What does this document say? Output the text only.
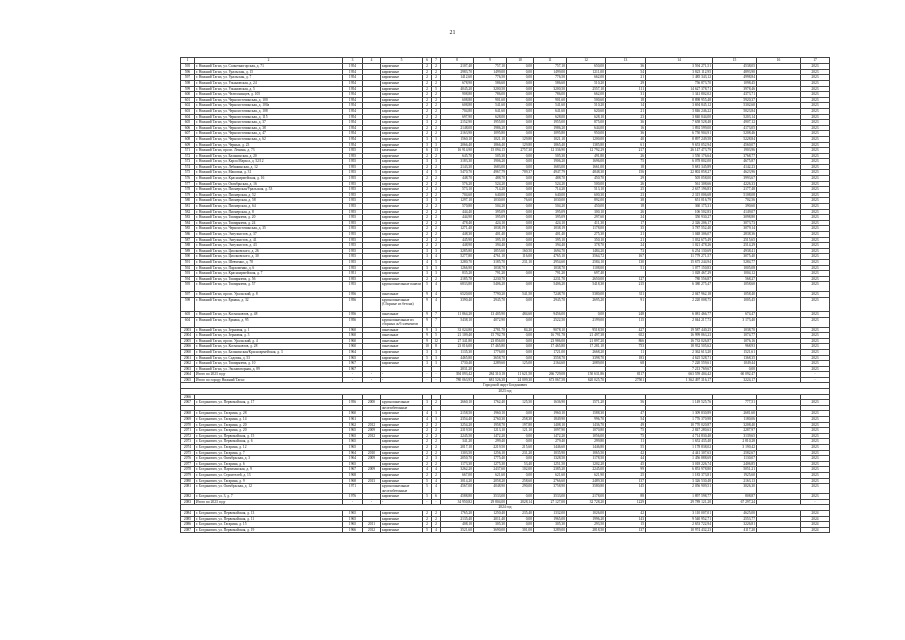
21
1	2	3	4	5	6	7	8	9	10	11	12	13	14	15	16	17
595	г. Нижний Тагил, ул. Солнечногорская, д. 71	1954		кирпичные	2	2	2107,40	757,10	0,00	757,10	650,00	36	3 594 271,51	4538,05		2023
596	г. Нижний Тагил, ул. Уральская, д. 15	1954		кирпичные	2	2	2983,70	1499,00	0,00	1499,00	1211,00	54	3 823 112,95	4893,90		2023
597	г. Нижний Тагил, ул. Уральская, д. 7	1954		кирпичные	2	2	1412,60	776,50	0,00	776,50	662,00	21	1 485 343,12	4998,84		2023
598	г. Нижний Тагил, ул. Ульяновская, д. 24	1954		кирпичные	2	2	678,90	586,60	0,00	586,60	510,20	29	756 873,70	1098,45		2023
599	г. Нижний Тагил, ул. Ульяновская, д. 5	1954		кирпичные	2	5	4045,20	3200,50	0,00	3200,50	2557,10	111	14 627 378,71	3978,46		2023
600	г. Нижний Тагил, ул. Челюскинцев, д. 105	1954		кирпичные	2	2	908,80	786,00	0,00	786,00	662,00	31	1 341 802,02	4373,71		2023
601	г. Нижний Тагил, ул. Черноисточинская, д. 100	1954		кирпичные	2	2	608,80	901,60	0,00	901,60	500,60	18	8 898 955,48	5920,37		2023
602	г. Нижний Тагил, ул. Черноисточинская, д. 100а	1954		кирпичные	2	2	608,80	541,60	0,00	541,60	510,20	14	3 694 845,12	5302,60		2023
603	г. Нижний Тагил, ул. Черноисточинская, д. 108	1954		кирпичные	2	2	704,80	641,60	0,00	641,60	620,60	21	3 846 246,22	5023,84		2023
604	г. Нижний Тагил, ул. Черноисточинская, д. 115	1954		кирпичные	2	2	697,90	628,00	0,00	628,00	628,10	23	3 840 044,00	5203,14		2023
605	г. Нижний Тагил, ул. Черноисточинская, д. 37	1954		кирпичные	3	2	2152,90	1955,00	0,00	1955,00	875,00	36	7 658 528,48	4907,12		2023
606	г. Нижний Тагил, ул. Черноисточинская, д. 38	1954		кирпичные	2	2	2148,00	1986,20	0,00	1986,20	644,00	16	1 892 599,00	4173,05		2023
607	г. Нижний Тагил, ул. Черноисточинская, д. 47	1954		кирпичные	2	2	2163,90	1095,80	0,00	1095,80	950,00	36	6 750 904,91	5208,46		2023
608	г. Нижний Тагил, ул. Черноисточинская, д. 62	1954		кирпичные	3	3	1560,10	1021,10	129,80	1021,10	1200,00	40	8 897 249,58	5228,84		2023
609	г. Нижний Тагил, ул. Черных, д. 23	1954		кирпичные	3	3	2066,40	1866,40	129,80	1865,40	1385,80	61	9 653 052,94	4560,07		2023
571	г. Нижний Тагил, просп. Ленина, д. 73	1955		каменные	6	13	16 914,90	15 094,15	2757,30	12 336,90	12 792,29	217	26 147 473,79	1903,96		2023
572	г. Нижний Тагил, ул. Балакинская, д. 20	1955		кирпичные	2	2	645,70	505,30	0,00	505,30	491,80	26	1 550 176,64	3768,77		2023
573	г. Нижний Тагил, ул. Карла Маркса, д. 52/12	1955		кирпичные	3	3	3183,30	1906,20	0,00	1906,20	1696,00	75	6 078 802,00	4675,87		2023
574	г. Нижний Тагил, ул. Лебяжинская, д. 12	1955		кирпичные	2	2	2143,30	1683,00	0,00	1683,00	1661,00	18	5 681 345,89	4142,23		2023
575	г. Нижний Тагил, ул. Максима, д. 31	1955		кирпичные	4	5	5470,70	4967,79	709,37	4947,79	4848,30	156	22 802 858,27	4623,96		2023
576	г. Нижний Тагил, ул. Красноармейская, д. 16	1955		кирпичные	2	2	448,70	488,70	0,00	488,70	450,70	29	505 058,00	3993,67		2023
577	г. Нижний Тагил, ул. Октябрьская, д. 16	1955		кирпичные	2	2	576,20	524,20	0,00	524,20	500,00	26	561 308,66	4226,33		2023
578	г. Нижний Тагил, ул. Пионерская/Уральская, д. 53	1955		кирпичные	2	2	573,10	714,20	0,00	714,20	513,10	25	2 637 196,83	2177,48		2023
579	г. Нижний Тагил, ул. Пионерская, д. 52	1955		кирпичные	2	2	704,60	640,00	0,00	640,00	600,30	23	2 315 006,68	5108,08		2023
580	г. Нижний Тагил, ул. Пионерская, д. 58	1955		кирпичные	3	3	1297,10	1030,00	76,60	1030,00	892,00	38	651 016,79	702,56		2023
581	г. Нижний Тагил, ул. Пионерская, д. 64	1955		кирпичные	2	2	570,80	504,20	0,00	504,20	450,00	18	360 175,31	390,60		2023
582	г. Нижний Тагил, ул. Пионерская, д. 8	1955		кирпичные	2	2	444,40	395,09	0,00	395,09	300,10	26	106 502,83	4149,07		2023
583	г. Нижний Тагил, ул. Тимирязева, д. 20	1955		кирпичные	2	2	444,90	395,09	0,00	395,09	297,60	24	350 930,27	3098,80		2023
584	г. Нижний Тагил, ул. Тимирязева, д. 24	1955		кирпичные	2	2	478,40	424,10	0,00	424,10	411,30	17	2 326 206,17	3073,73		2023
585	г. Нижний Тагил, ул. Черноисточинская, д. 35	1955		кирпичные	2	2	1271,40	1038,19	0,00	1038,19	1178,00	35	3 787 552,40	3079,14		2023
586	г. Нижний Тагил, ул. Энтузиастов, д. 37	1955		кирпичные	2	2	448,30	401,40	0,00	401,40	275,30	21	1 048 306,07	2838,36		2023
587	г. Нижний Тагил, ул. Энтузиастов, д. 41	1955		кирпичные	2	2	445,90	395,10	0,00	395,10	350,10	21	1 032 675,49	2515,65		2023
588	г. Нижний Тагил, ул. Энтузиастов, д. 43	1955		кирпичные	2	2	448,90	394,40	0,00	394,40	378,70	24	1 021 478,26	2514,29		2023
589	г. Нижний Тагил, ул. Циолковского, д. 26	1955		кирпичные	3	3	3285,80	1855,60	160,50	1694,70	1484,20	73	6 254 130,69	4938,41		2023
590	г. Нижний Тагил, ул. Циолковского, д. 30	1955		кирпичные	3	4	5277,80	4761,10	116,00	4765,10	3564,72	167	11 779 271,57	3075,40		2023
591	г. Нижний Тагил, ул. Шевченко, д. 78	1955		кирпичные	4	5	3280,70	3185,70	231,10	2954,60	2584,10	130	15 675 244,94	5284,77		2023
592	г. Нижний Тагил, ул. Пархоменко, д. 6	1955		кирпичные	3	3	1266,90	1038,70		1038,70	1108,00	51	1 077 150,83	1005,08		2023
593	г. Нижний Тагил, ул. Красноармейская, д. 7	1951		кирпичные	3	3	835,20	791,20	0,00	791,20	697,40		1 028 467,29	1004,12		2023
594	г. Нижний Тагил, ул. Тимирязева, д. 56	1955		кирпичные	2	2	2185,70	2230,70		2231,70	2650,00	127	780 556,87	568,27		2023
595	г. Нижний Тагил, ул. Тимирязева, д. 57	1955		крупнопанельные панели	5	4	6833,80	5406,20	0,00	5406,20	5418,30	215	6 380 275,47	1058,60		2023
597	г. Нижний Тагил, просп. Уральский, д. 8	1956		панельные	9	4	6520,00	7790,20	541,50	7248,70	5380,00	311	2 047 962,18	1058,40		2023
598	г. Нижний Тагил, ул. Ермака, д. 32	1956		крупнопанельные (Сборные из бетона)	9	4	3390,40	2945,70	0,00	2945,70	2695,20	91	2 220 008,75	1005,45		2023
605	г. Нижний Тагил, ул. Космонавтов, д. 48	1956		панельные	9	7	11 864,20	13 405,90	484,60	9456,00	0,00	248	6 081 466,77	674,47		2023
604	г. Нижний Тагил, ул. Ермака, д. 95	1956		крупнопанельные из сборных ж/б элементов	9	7	5438,10	4072,90	0,00	2522,50	2199,00	115	2 044 217,73	3 173,40		2023
2003	г. Нижний Тагил, ул. Зерновая, д. 1	1960		панельные	9	3	33 024,80	2781,70	84,20	9078,10	9518,50	427	19 587 440,25	1038,70		2023
2004	г. Нижний Тагил, ул. Зерновая, д. 3	1960		панельные	9	5	21 109,40	15 792,78	0,00	16 791,78	21 497,38	652	16 999 863,23	1074,77		2023
2005	г. Нижний Тагил, просп. Уральский, д. 4	1960		панельные	9	12	27 341,80	23 856,00	0,00	23 986,00	21 897,20	866	16 733 026,87	1076,16		2023
2066	г. Нижний Тагил, ул. Космонавтов, д. 28	1960		панельные	10	8	23 016,00	17 465,80	0,00	17 465,80	17 281,10	753	18 932 505,62	968,93		2023
2060	г. Нижний Тагил, ул. Балакинская/Красноармейская, д. 3	1964		кирпичные	3	3	1135,30	1776,00	0,00	1721,00	2668,20	11	2 362 613,20	1521,61		2023
2061	г. Нижний Тагил, ул. Садовая, д. 53	1965		кирпичные	5	3	4465,80	3658,70	0,00	3558,70	3398,70	183	4 625 528,71	1368,35		2023
2062	г. Нижний Тагил, ул. Тимирязева, д. 10	1967		кирпичные	3	3	1730,40	2289,60	125,00	2164,60	2089,00	68	7 220 559,61	1049,44		2023
2063	г. Нижний Тагил, ул. Экскаваторная, д. 89	1967					2031,20						7 213 769,67	0,00		2023
2064	Итого по 2023 году	-	-	-	-	-	394 093,42	284 310,18	11 621,50	266 729,08	150 631,86	8117	663 559 404,42	60 092,47		-
2065	Итого по городу Нижний Тагил	-	-	-	-	-	780 063,95	681 526,38	24 009,30	673 067,58	620 025,70	27501	1 362 497 316,17	3224,17		-
Городской округ Богданович																
2023 год																
2066																
2067	г. Богданович, ул. Первомайская, д. 17	1956	2000	крупнопанельные	3	2	2660,10	1762,40	125,50	1636,90	1571,20	56	1 149 525,76	777,51		2023
				железобетонные												
2068	г. Богданович, ул. Гагарина, д. 28	1960		кирпичные	4	3	2158,50	1960,10	0,00	1960,10	1588,30	47	1 309 830,89	2681,60		2023
2069	г. Богданович, ул. Гагарина, д. 14	1961		кирпичные	4	3	2354,40	2760,30	258,30	1849,90	996,70	54	1 776 370,98	1180,06		2023
2070	г. Богданович, ул. Гагарина, д. 20	1962	2012	кирпичные	2	2	3254,20	1958,70	197,80	1408,10	1436,70	49	10 770 020,87	3208,40		2023
2071	г. Богданович, ул. Гагарина, д. 20	1965	2009	кирпичные	2	2	2319,50	1213,10	121,10	1097,90	1070,80	75	2 847 280,63	2287,97		2023
2072	г. Богданович, ул. Первомайская, д. 15	1965	2012	кирпичные	2	2	2245,50	1472,20	0,00	1472,20	1056,00	75	4 714 830,40	3139,65		2023
2073	г. Богданович, ул. Первомайская, д. 6	1965		кирпичные	2	2	341,20	299,40	0,00	279,40	299,80	11	1 652 435,40	2 810,28		2023
2074	г. Богданович, ул. Гагарина, д. 12	1965		кирпичные	2	2	2017,10	2219,50	215,60	1446,60	1446,80	55	1 178 838,02	3 190,42		2023
2075	г. Богданович, ул. Гагарина, д. 7	1964	2010	кирпичные	2	2	1303,50	1256,10	231,20	1035,90	1065,50	42	4 441 307,63	2582,67		2023
2076	г. Богданович, ул. Октябрьская, д. 3	1964	2009	кирпичные	2	3	2050,70	1775,40	0,00	1328,50	1178,50	44	1 456 888,69	1130,07		2023
2077	г. Богданович, ул. Гагарина, д. 6	1965		кирпичные	2	2	1173,30	1275,30	53,40	1251,50	1202,20	45	3 018 226,74	2406,85		2023
2078	г. Богданович, ул. Партизанская, д. 9	1967	2009	кирпичные	4	4	3262,20	2437,60	102,00	2385,20	2245,00	99	6 853 978,80	5051,21		2023
2079	г. Богданович, ул. Строителей, д. 13	1968		кирпичные	2	2	667,00	621,60	0,00	621,60	621,90	25	1 183 373,81	1925,60		2023
2080	г. Богданович, ул. Гагарина, д. 9	1968	2013	кирпичные	5	4	3014,20	2058,20	258,60	2766,60	2489,30	137	3 326 530,48	2163,13		2023
2081	г. Богданович, ул. Октябрьская, д. 12	1971		крупнопанельные железобетонные	5	4	4567,00	4048,90	290,00	3758,90	3580,80	145	2 056 909,51	3026,30		2023
2082	г. Богданович, ул. 3, д. 7	1976		кирпичные	5	6	4588,80	3533,00	0,00	3533,00	2178,00	88	1 897 598,77	808,87		2023
2083	Итого по 2023 году	-	-	-	-	-	34 950,82	29 804,00	2028,14	27 127,00	32 728,20	1229	29 789 121,20	67 297,24		-
2024 год																
2084	г. Богданович, ул. Первомайская, д. 13	1965		кирпичные	2	2	1765,20	1250,40	235,40	1332,00	1026,00	42	3 110 007,01	4625,00		2024
2085	г. Богданович, ул. Первомайская, д. 11	1965		кирпичные	2	2	2135,40	2011,40	0,00	1965,00	1996,20	143	9 540 952,71	2553,77		2024
2086	г. Богданович, ул. Гагарина, д. 15	1965	2011	кирпичные	2	2	408,10	305,30	0,00	305,30	293,50	15	2 653 722,94	3226,81		2024
2087	г. Богданович, ул. Первомайская, д. 19	1966	2012	кирпичные	5	4	3521,60	3690,00	301,00	3289,00	2818,50	137	10 974 432,23	4117,20		2024
